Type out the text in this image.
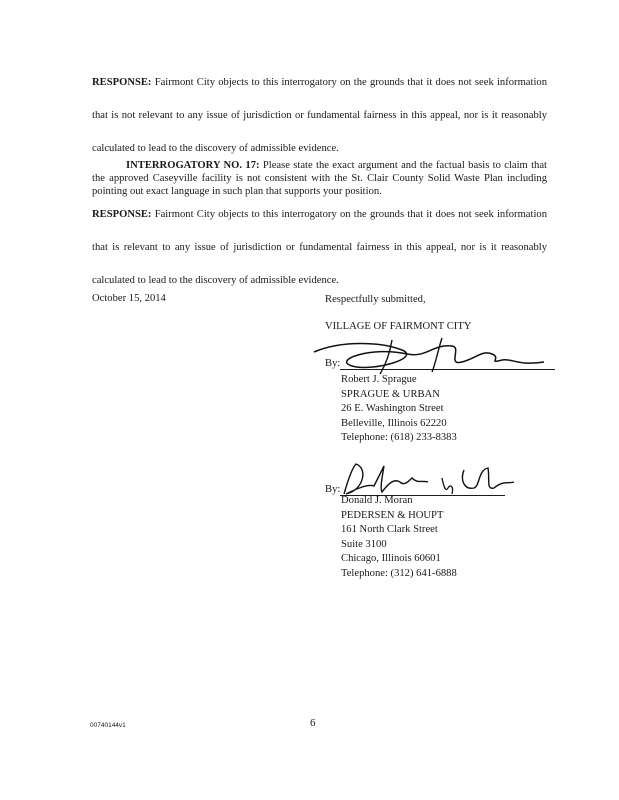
RESPONSE: Fairmont City objects to this interrogatory on the grounds that it does not seek information that is not relevant to any issue of jurisdiction or fundamental fairness in this appeal, nor is it reasonably calculated to lead to the discovery of admissible evidence.

INTERROGATORY NO. 17: Please state the exact argument and the factual basis to claim that the approved Caseyville facility is not consistent with the St. Clair County Solid Waste Plan including pointing out exact language in such plan that supports your position.

RESPONSE: Fairmont City objects to this interrogatory on the grounds that it does not seek information that is relevant to any issue of jurisdiction or fundamental fairness in this appeal, nor is it reasonably calculated to lead to the discovery of admissible evidence.

October 15, 2014	Respectfully submitted,
VILLAGE OF FAIRMONT CITY
By:
Robert J. Sprague
SPRAGUE & URBAN
26 E. Washington Street
Belleville, Illinois 62220
Telephone: (618) 233-8383
By:
Donald J. Moran
PEDERSEN & HOUPT
161 North Clark Street
Suite 3100
Chicago, Illinois 60601
Telephone: (312) 641-6888
00740144v1	6
